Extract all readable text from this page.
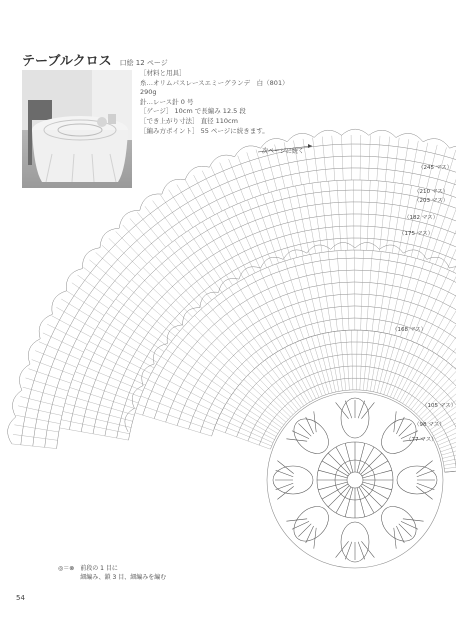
テーブルクロス 口絵 12 ページ
［材料と用具］
糸…オリムパスレースエミーグランデ　白（801）
290g
針…レース針 0 号
［ゲージ］ 10cm で長編み 12.5 段
［でき上がり寸法］ 直径 110cm
［編み方ポイント］ 55 ページに続きます。
次ページに続く
（245 マス）
（210 マス）
（203 マス）
（182 マス）
（175 マス）
（168 マス）
（105 マス）
（98 マス）
（77 マス）
◎＝⊗ 前段の 1 目に
細編み、鎖 3 目、細編みを編む
54
